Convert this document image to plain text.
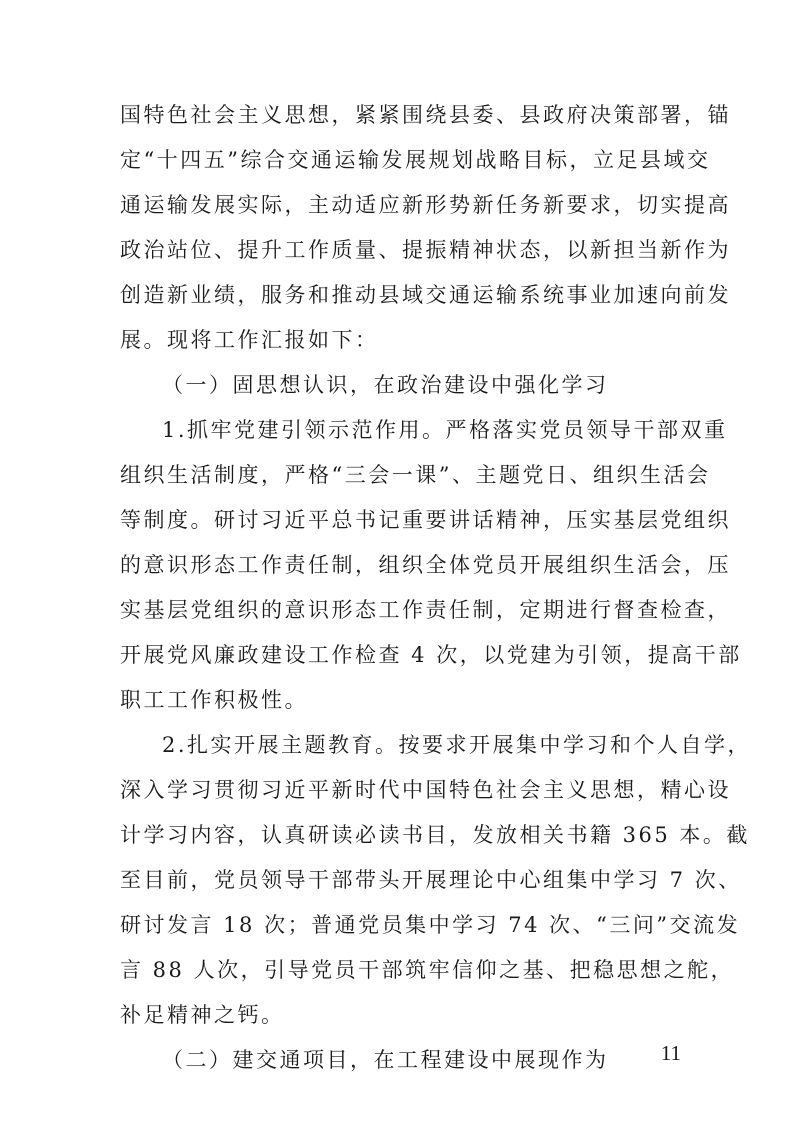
国特色社会主义思想，紧紧围绕县委、县政府决策部署，锚
定“十四五”综合交通运输发展规划战略目标，立足县域交
通运输发展实际，主动适应新形势新任务新要求，切实提高
政治站位、提升工作质量、提振精神状态，以新担当新作为
创造新业绩，服务和推动县域交通运输系统事业加速向前发
展。现将工作汇报如下：
（一）固思想认识，在政治建设中强化学习
1.抓牢党建引领示范作用。严格落实党员领导干部双重
组织生活制度，严格“三会一课”、主题党日、组织生活会
等制度。研讨习近平总书记重要讲话精神，压实基层党组织
的意识形态工作责任制，组织全体党员开展组织生活会，压
实基层党组织的意识形态工作责任制，定期进行督查检查，
开展党风廉政建设工作检查 4 次，以党建为引领，提高干部
职工工作积极性。
2.扎实开展主题教育。按要求开展集中学习和个人自学，
深入学习贯彻习近平新时代中国特色社会主义思想，精心设
计学习内容，认真研读必读书目，发放相关书籍 365 本。截
至目前，党员领导干部带头开展理论中心组集中学习 7 次、
研讨发言 18 次；普通党员集中学习 74 次、“三问”交流发
言 88 人次，引导党员干部筑牢信仰之基、把稳思想之舵，
补足精神之钙。
（二）建交通项目，在工程建设中展现作为	11
